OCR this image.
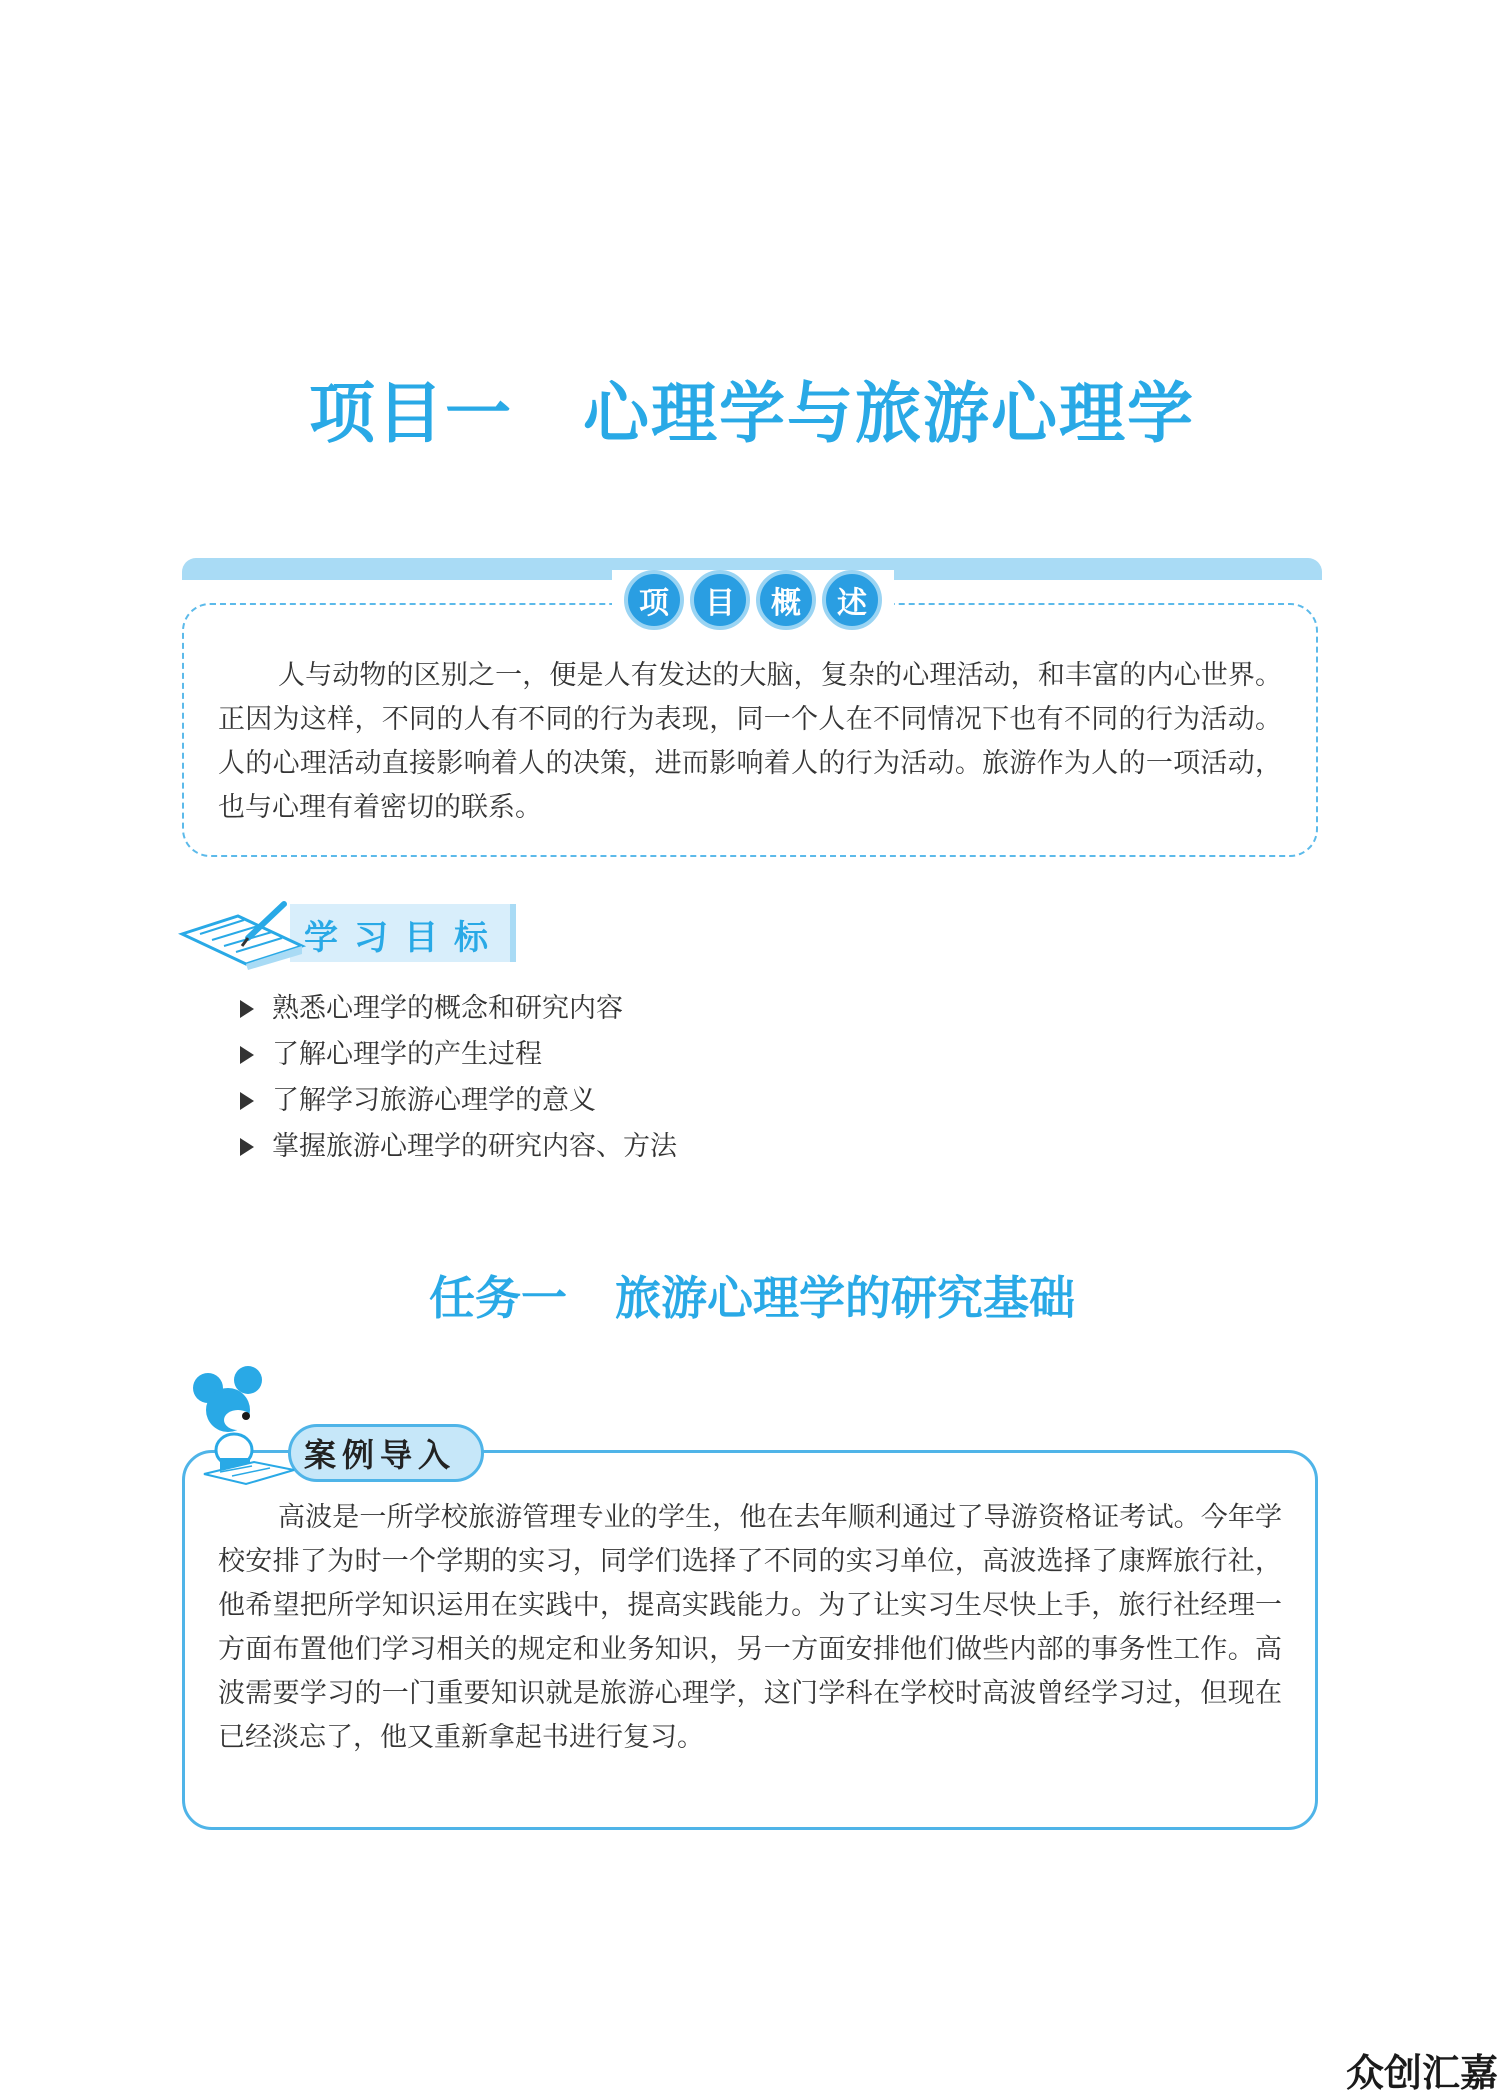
项目一 心理学与旅游心理学
项	目	概	述

人与动物的区别之一，便是人有发达的大脑，复杂的心理活动，和丰富的内心世界。正因为这样，不同的人有不同的行为表现，同一个人在不同情况下也有不同的行为活动。人的心理活动直接影响着人的决策，进而影响着人的行为活动。旅游作为人的一项活动，也与心理有着密切的联系。

学习目标
熟悉心理学的概念和研究内容
了解心理学的产生过程
了解学习旅游心理学的意义
掌握旅游心理学的研究内容、方法
任务一 旅游心理学的研究基础
案例导入

高波是一所学校旅游管理专业的学生，他在去年顺利通过了导游资格证考试。今年学校安排了为时一个学期的实习，同学们选择了不同的实习单位，高波选择了康辉旅行社，他希望把所学知识运用在实践中，提高实践能力。为了让实习生尽快上手，旅行社经理一方面布置他们学习相关的规定和业务知识，另一方面安排他们做些内部的事务性工作。高波需要学习的一门重要知识就是旅游心理学，这门学科在学校时高波曾经学习过，但现在已经淡忘了，他又重新拿起书进行复习。

众创汇嘉
